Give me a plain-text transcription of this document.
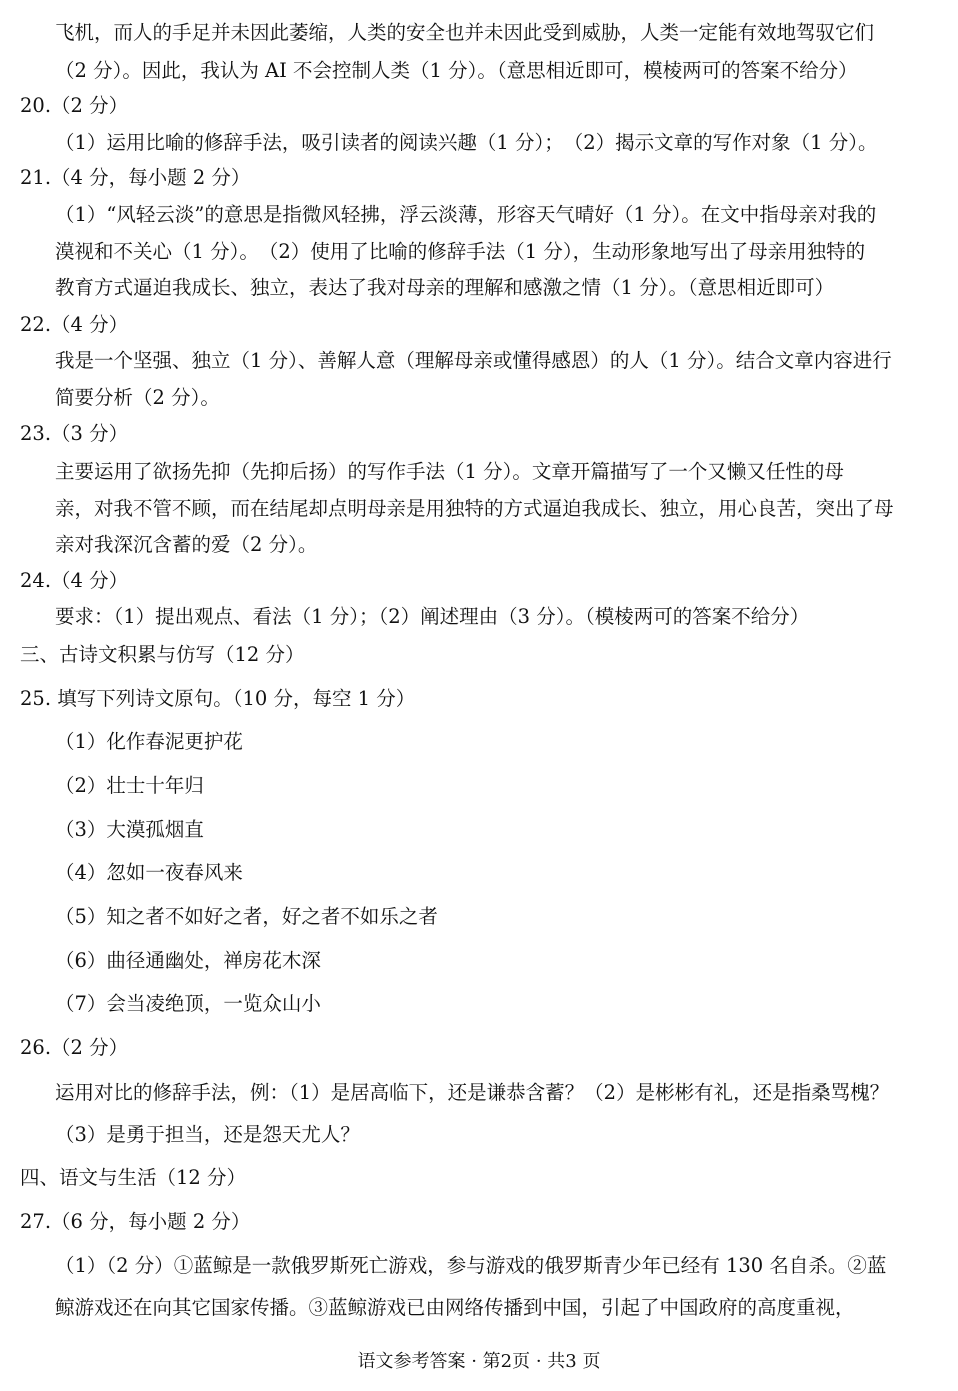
飞机，而人的手足并未因此萎缩，人类的安全也并未因此受到威胁，人类一定能有效地驾驭它们
（2 分）。因此，我认为 AI 不会控制人类（1 分）。（意思相近即可，模棱两可的答案不给分）
20.（2 分）
（1）运用比喻的修辞手法，吸引读者的阅读兴趣（1 分）；　（2）揭示文章的写作对象（1 分）。
21.（4 分，每小题 2 分）
（1）“风轻云淡”的意思是指微风轻拂，浮云淡薄，形容天气晴好（1 分）。在文中指母亲对我的
漠视和不关心（1 分）。　（2）使用了比喻的修辞手法（1 分），生动形象地写出了母亲用独特的
教育方式逼迫我成长、独立，表达了我对母亲的理解和感激之情（1 分）。（意思相近即可）
22.（4 分）
我是一个坚强、独立（1 分）、善解人意（理解母亲或懂得感恩）的人（1 分）。结合文章内容进行
简要分析（2 分）。
23.（3 分）
主要运用了欲扬先抑（先抑后扬）的写作手法（1 分）。文章开篇描写了一个又懒又任性的母
亲，对我不管不顾，而在结尾却点明母亲是用独特的方式逼迫我成长、独立，用心良苦，突出了母
亲对我深沉含蓄的爱（2 分）。
24.（4 分）
要求：（1）提出观点、看法（1 分）；（2）阐述理由（3 分）。（模棱两可的答案不给分）
三、古诗文积累与仿写（12 分）
25. 填写下列诗文原句。（10 分，每空 1 分）
（1）化作春泥更护花
（2）壮士十年归
（3）大漠孤烟直
（4）忽如一夜春风来
（5）知之者不如好之者，好之者不如乐之者
（6）曲径通幽处，禅房花木深
（7）会当凌绝顶，一览众山小
26.（2 分）
运用对比的修辞手法，例：（1）是居高临下，还是谦恭含蓄？（2）是彬彬有礼，还是指桑骂槐？
（3）是勇于担当，还是怨天尤人？
四、语文与生活（12 分）
27.（6 分，每小题 2 分）
（1）（2 分）①蓝鲸是一款俄罗斯死亡游戏，参与游戏的俄罗斯青少年已经有 130 名自杀。②蓝
鲸游戏还在向其它国家传播。③蓝鲸游戏已由网络传播到中国，引起了中国政府的高度重视，
语文参考答案 · 第2页 · 共3 页
